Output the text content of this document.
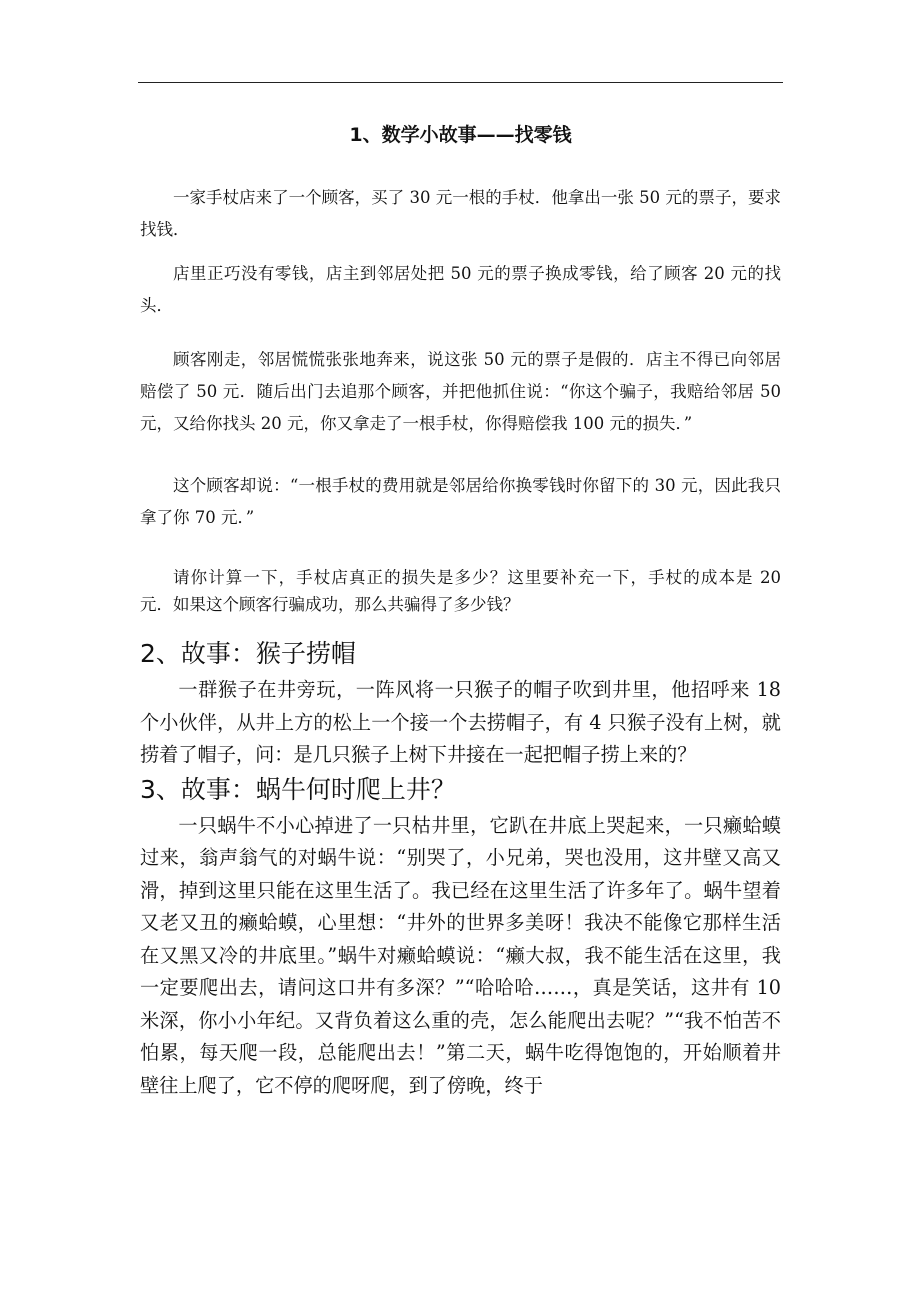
zixin.com.cn
1、数学小故事——找零钱

一家手杖店来了一个顾客，买了 30 元一根的手杖．他拿出一张 50 元的票子，要求找钱．

店里正巧没有零钱，店主到邻居处把 50 元的票子换成零钱，给了顾客 20 元的找头．

顾客刚走，邻居慌慌张张地奔来，说这张 50 元的票子是假的．店主不得已向邻居赔偿了 50 元．随后出门去追那个顾客，并把他抓住说：“你这个骗子，我赔给邻居 50 元，又给你找头 20 元，你又拿走了一根手杖，你得赔偿我 100 元的损失．”

这个顾客却说：“一根手杖的费用就是邻居给你换零钱时你留下的 30 元，因此我只拿了你 70 元．”

请你计算一下，手杖店真正的损失是多少？这里要补充一下，手杖的成本是 20 元．如果这个顾客行骗成功，那么共骗得了多少钱？

2、故事：猴子捞帽

一群猴子在井旁玩，一阵风将一只猴子的帽子吹到井里，他招呼来 18 个小伙伴，从井上方的松上一个接一个去捞帽子，有 4 只猴子没有上树，就捞着了帽子，问：是几只猴子上树下井接在一起把帽子捞上来的？

3、故事：蜗牛何时爬上井？

一只蜗牛不小心掉进了一只枯井里，它趴在井底上哭起来，一只癞蛤蟆过来，翁声翁气的对蜗牛说：“别哭了，小兄弟，哭也没用，这井壁又高又滑，掉到这里只能在这里生活了。我已经在这里生活了许多年了。蜗牛望着又老又丑的癞蛤蟆，心里想：“井外的世界多美呀！我决不能像它那样生活在又黑又冷的井底里。”蜗牛对癞蛤蟆说：“癞大叔，我不能生活在这里，我一定要爬出去，请问这口井有多深？”“哈哈哈……，真是笑话，这井有 10 米深，你小小年纪。又背负着这么重的壳，怎么能爬出去呢？”“我不怕苦不怕累，每天爬一段，总能爬出去！”第二天，蜗牛吃得饱饱的，开始顺着井壁往上爬了，它不停的爬呀爬，到了傍晚，终于
